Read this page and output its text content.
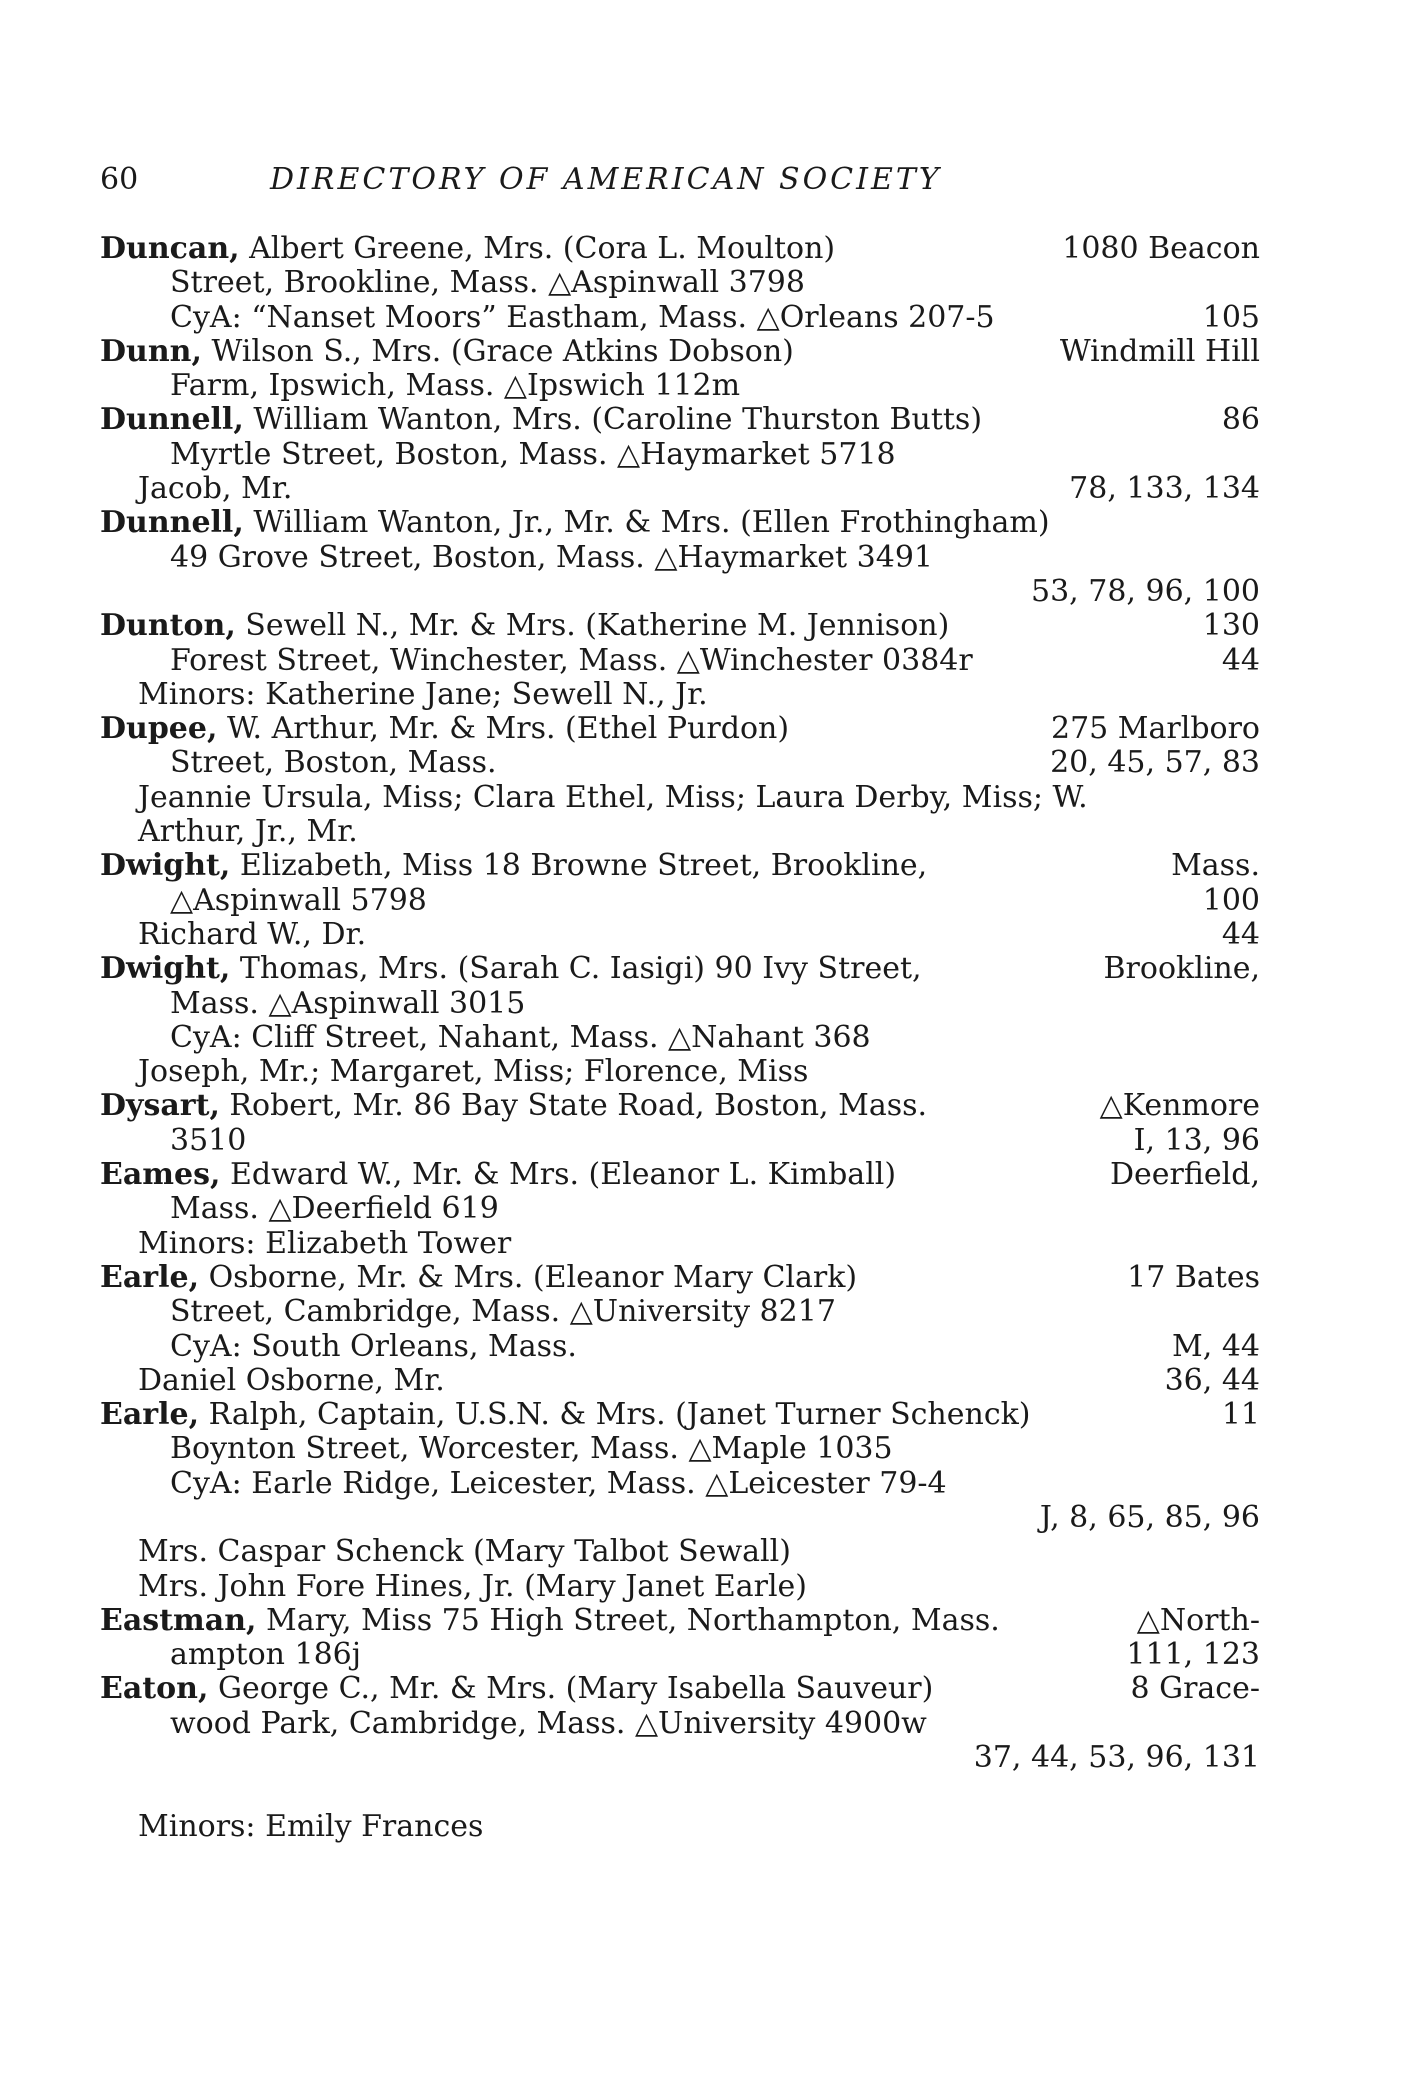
60	DIRECTORY OF AMERICAN SOCIETY
Duncan, Albert Greene, Mrs. (Cora L. Moulton)	1080 Beacon
Street, Brookline, Mass. △Aspinwall 3798
CyA: “Nanset Moors” Eastham, Mass. △Orleans 207-5	105
Dunn, Wilson S., Mrs. (Grace Atkins Dobson)	Windmill Hill
Farm, Ipswich, Mass. △Ipswich 112m
Dunnell, William Wanton, Mrs. (Caroline Thurston Butts)	86
Myrtle Street, Boston, Mass. △Haymarket 5718
Jacob, Mr.	78, 133, 134
Dunnell, William Wanton, Jr., Mr. & Mrs. (Ellen Frothingham)
49 Grove Street, Boston, Mass. △Haymarket 3491
53, 78, 96, 100
Dunton, Sewell N., Mr. & Mrs. (Katherine M. Jennison)	130
Forest Street, Winchester, Mass. △Winchester 0384r	44
Minors: Katherine Jane; Sewell N., Jr.
Dupee, W. Arthur, Mr. & Mrs. (Ethel Purdon)	275 Marlboro
Street, Boston, Mass.	20, 45, 57, 83
Jeannie Ursula, Miss; Clara Ethel, Miss; Laura Derby, Miss; W.
Arthur, Jr., Mr.
Dwight, Elizabeth, Miss 18 Browne Street, Brookline,	Mass.
△Aspinwall 5798	100
Richard W., Dr.	44
Dwight, Thomas, Mrs. (Sarah C. Iasigi) 90 Ivy Street,	Brookline,
Mass. △Aspinwall 3015
CyA: Cliff Street, Nahant, Mass. △Nahant 368
Joseph, Mr.; Margaret, Miss; Florence, Miss
Dysart, Robert, Mr. 86 Bay State Road, Boston, Mass.	△Kenmore
3510	I, 13, 96
Eames, Edward W., Mr. & Mrs. (Eleanor L. Kimball)	Deerfield,
Mass. △Deerfield 619
Minors: Elizabeth Tower
Earle, Osborne, Mr. & Mrs. (Eleanor Mary Clark)	17 Bates
Street, Cambridge, Mass. △University 8217
CyA: South Orleans, Mass.	M, 44
Daniel Osborne, Mr.	36, 44
Earle, Ralph, Captain, U.S.N. & Mrs. (Janet Turner Schenck)	11
Boynton Street, Worcester, Mass. △Maple 1035
CyA: Earle Ridge, Leicester, Mass. △Leicester 79-4
J, 8, 65, 85, 96
Mrs. Caspar Schenck (Mary Talbot Sewall)
Mrs. John Fore Hines, Jr. (Mary Janet Earle)
Eastman, Mary, Miss 75 High Street, Northampton, Mass.	△North-
ampton 186j	111, 123
Eaton, George C., Mr. & Mrs. (Mary Isabella Sauveur)	8 Grace-
wood Park, Cambridge, Mass. △University 4900w
37, 44, 53, 96, 131
Minors: Emily Frances
